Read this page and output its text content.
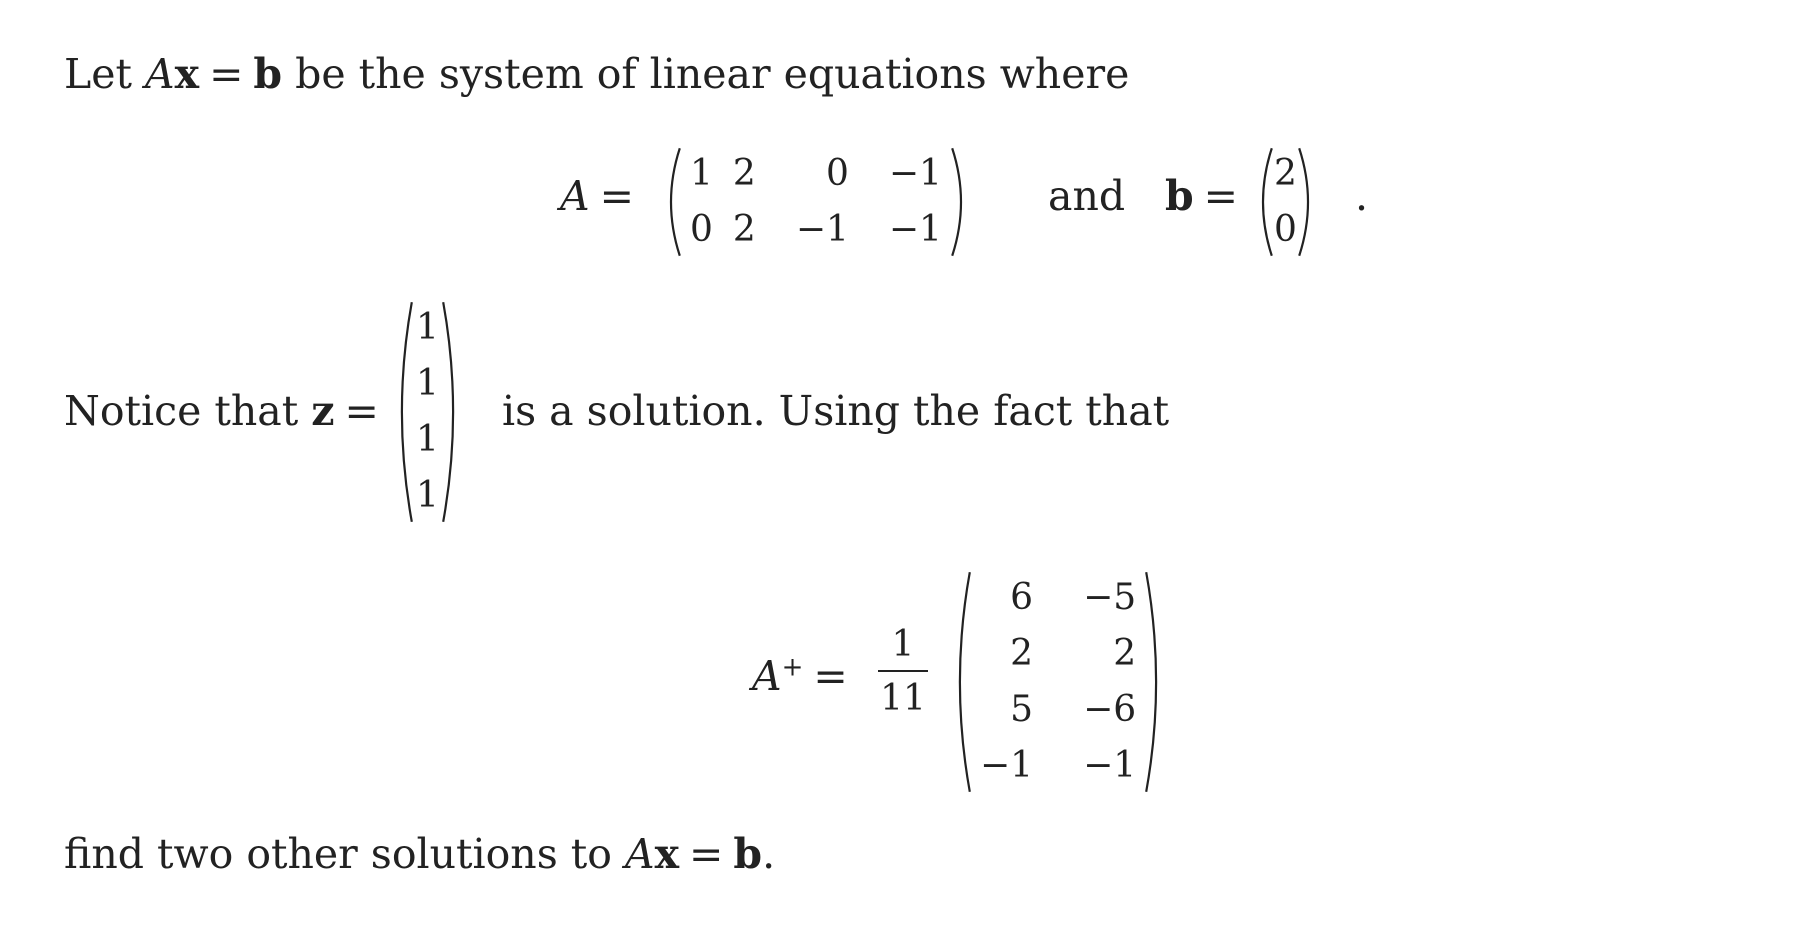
Let Ax = b be the system of linear equations where
A = 1	2	0	−1
0	2	−1	−1
and b = 2
0
.
Notice that z =
1
1
1
1
is a solution. Using the fact that
$A^+ = \frac{1}{11}$
6	−5
2	2
5	−6
−1	−1
find two other solutions to Ax = b.
